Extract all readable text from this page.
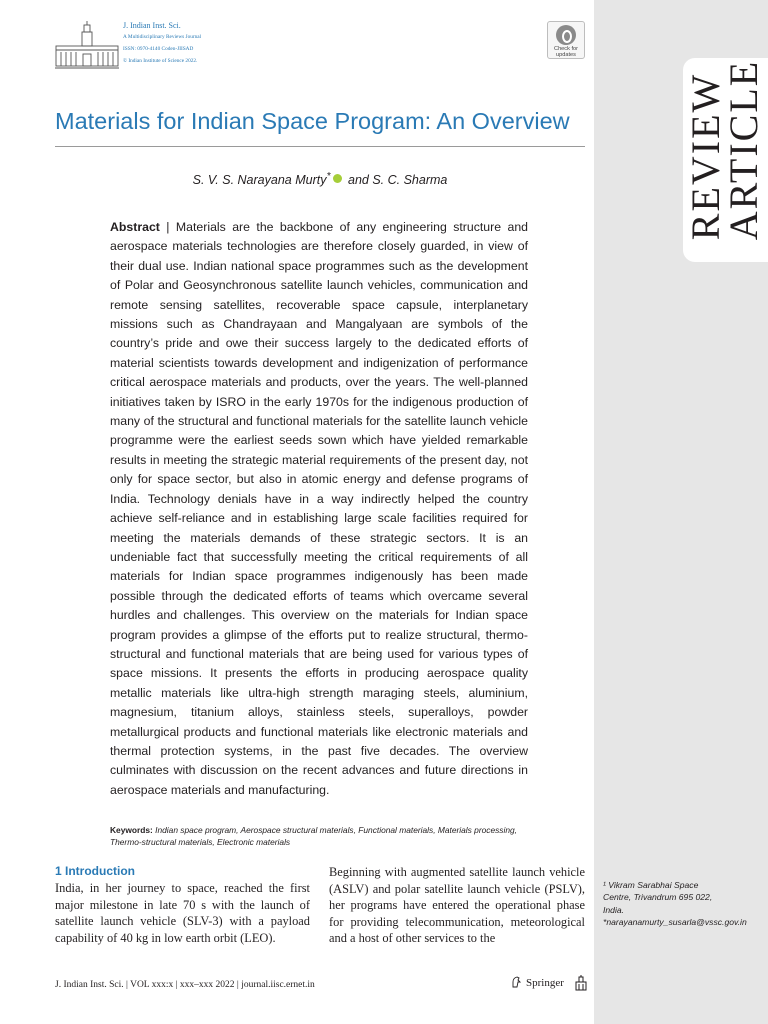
REVIEW
ARTICLE
J. Indian Inst. Sci.
A Multidisciplinary Reviews Journal
ISSN: 0970-4140 Coden-JIISAD
© Indian Institute of Science 2022.
Check for
updates
Materials for Indian Space Program: An Overview
S. V. S. Narayana Murty* and S. C. Sharma

Abstract | Materials are the backbone of any engineering structure and aerospace materials technologies are therefore closely guarded, in view of their dual use. Indian national space programmes such as the development of Polar and Geosynchronous satellite launch vehicles, communication and remote sensing satellites, recoverable space capsule, interplanetary missions such as Chandrayaan and Mangalyaan are symbols of the country’s pride and owe their success largely to the dedicated efforts of material scientists towards development and indigenization of performance critical aerospace materials and products, over the years. The well-planned initiatives taken by ISRO in the early 1970s for the indigenous production of many of the structural and functional materials for the satellite launch vehicle programme were the earliest seeds sown which have yielded remarkable results in meeting the strategic material requirements of the present day, not only for space sector, but also in atomic energy and defense programs of India. Technology denials have in a way indirectly helped the country achieve self-reliance and in establishing large scale facilities required for meeting the materials demands of these strategic sectors. It is an undeniable fact that successfully meeting the critical requirements of all materials for Indian space programmes indigenously has been made possible through the dedicated efforts of teams which overcame several hurdles and challenges. This overview on the materials for Indian space program provides a glimpse of the efforts put to realize structural, thermo-structural and functional materials that are being used for various types of space missions. It presents the efforts in producing aerospace quality metallic materials like ultra-high strength maraging steels, aluminium, magnesium, titanium alloys, stainless steels, superalloys, powder metallurgical products and functional materials like electronic materials and thermal protection systems, in the past five decades. The overview culminates with discussion on the recent advances and future directions in aerospace materials and manufacturing.

Keywords: Indian space program, Aerospace structural materials, Functional materials, Materials processing, Thermo-structural materials, Electronic materials

1 Introduction

India, in her journey to space, reached the first major milestone in late 70 s with the launch of satellite launch vehicle (SLV-3) with a payload capability of 40 kg in low earth orbit (LEO).

Beginning with augmented satellite launch vehicle (ASLV) and polar satellite launch vehicle (PSLV), her programs have entered the operational phase for providing telecommunication, meteorological and a host of other services to the

¹ Vikram Sarabhai Space Centre, Trivandrum 695 022, India.
*narayanamurty_susarla@vssc.gov.in
J. Indian Inst. Sci. | VOL xxx:x | xxx–xxx 2022 | journal.iisc.ernet.in	Springer
